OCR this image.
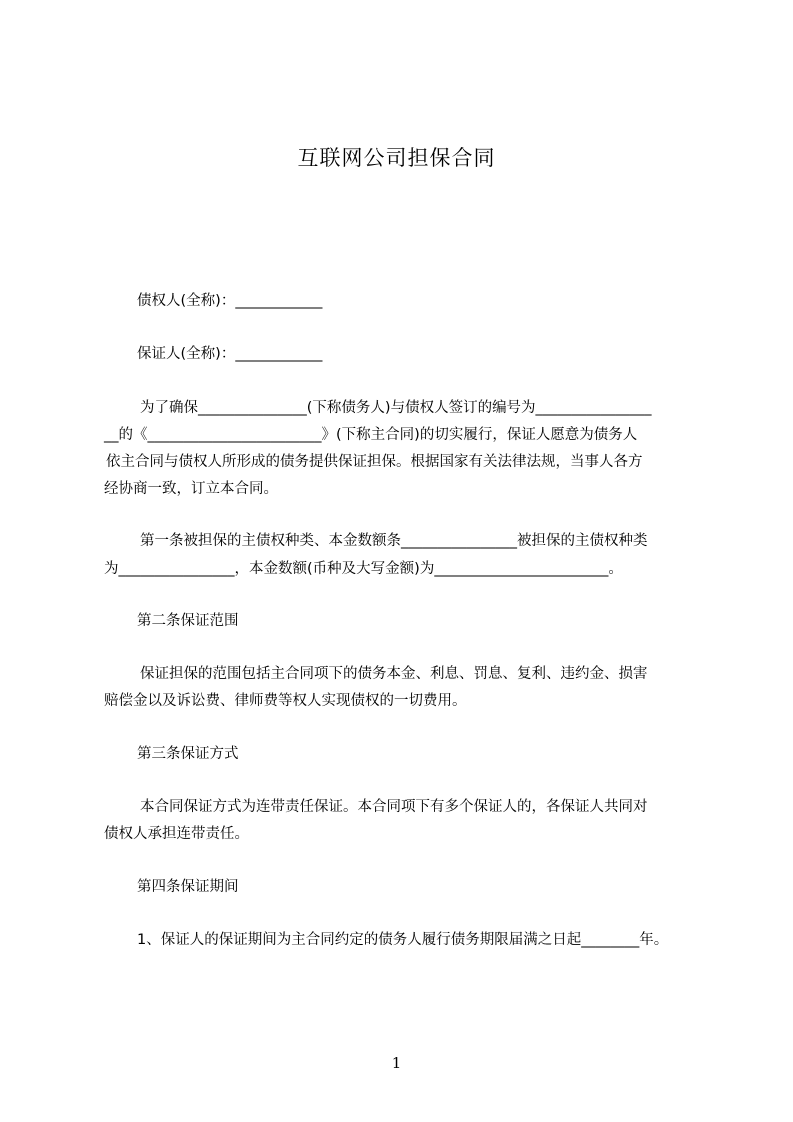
互联网公司担保合同
债权人(全称)：____________
保证人(全称)：____________
为了确保_______________(下称债务人)与债权人签订的编号为________________
__的《________________________》(下称主合同)的切实履行，保证人愿意为债务人
依主合同与债权人所形成的债务提供保证担保。根据国家有关法律法规，当事人各方
经协商一致，订立本合同。
第一条被担保的主债权种类、本金数额条________________被担保的主债权种类
为________________，本金数额(币种及大写金额)为________________________。
第二条保证范围
保证担保的范围包括主合同项下的债务本金、利息、罚息、复利、违约金、损害
赔偿金以及诉讼费、律师费等权人实现债权的一切费用。
第三条保证方式
本合同保证方式为连带责任保证。本合同项下有多个保证人的，各保证人共同对
债权人承担连带责任。
第四条保证期间
1、保证人的保证期间为主合同约定的债务人履行债务期限届满之日起________年。
1
